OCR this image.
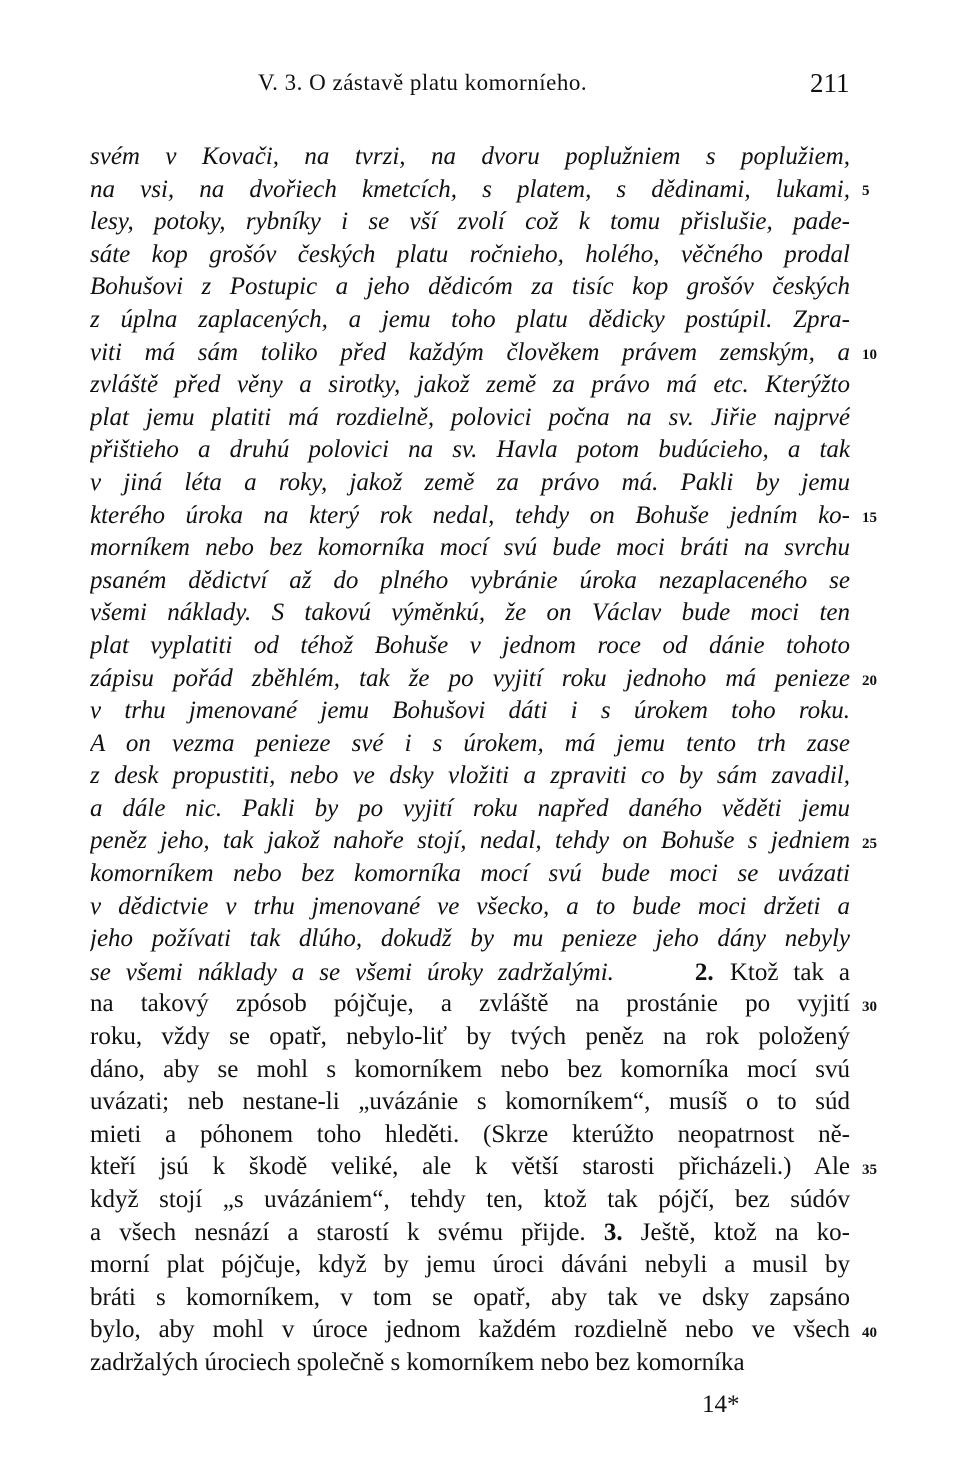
V. 3. O zástavě platu komorníeho.	211
svém v Kovači, na tvrzi, na dvoru poplužniem s poplužiem,
na vsi, na dvořiech kmetcích, s platem, s dědinami, lukami,
lesy, potoky, rybníky i se vší zvolí což k tomu přislušie, pade-
sáte kop grošóv českých platu ročnieho, holého, věčného prodal
Bohušovi z Postupic a jeho dědicóm za tisíc kop grošóv českých
z úplna zaplacených, a jemu toho platu dědicky postúpil. Zpra-
viti má sám toliko před každým člověkem právem zemským, a
zvláště před věny a sirotky, jakož země za právo má etc. Kterýžto
plat jemu platiti má rozdielně, polovici počna na sv. Jiřie najprvé
přištieho a druhú polovici na sv. Havla potom budúcieho, a tak
v jiná léta a roky, jakož země za právo má. Pakli by jemu
kterého úroka na který rok nedal, tehdy on Bohuše jedním ko-
morníkem nebo bez komorníka mocí svú bude moci bráti na svrchu
psaném dědictví až do plného vybránie úroka nezaplaceného se
všemi náklady. S takovú výměnkú, že on Václav bude moci ten
plat vyplatiti od téhož Bohuše v jednom roce od dánie tohoto
zápisu pořád zběhlém, tak že po vyjití roku jednoho má penieze
v trhu jmenované jemu Bohušovi dáti i s úrokem toho roku.
A on vezma penieze své i s úrokem, má jemu tento trh zase
z desk propustiti, nebo ve dsky vložiti a zpraviti co by sám zavadil,
a dále nic. Pakli by po vyjití roku napřed daného věděti jemu
peněz jeho, tak jakož nahoře stojí, nedal, tehdy on Bohuše s jedniem
komorníkem nebo bez komorníka mocí svú bude moci se uvázati
v dědictvie v trhu jmenované ve všecko, a to bude moci držeti a
jeho požívati tak dlúho, dokudž by mu penieze jeho dány nebyly
se všemi náklady a se všemi úroky zadržalými.	2. Ktož tak a
na takový zpósob pójčuje, a zvláště na prostánie po vyjití
roku, vždy se opatř, nebylo-liť by tvých peněz na rok položený
dáno, aby se mohl s komorníkem nebo bez komorníka mocí svú
uvázati; neb nestane-li „uvázánie s komorníkem“, musíš o to súd
mieti a póhonem toho hleděti. (Skrze kterúžto neopatrnost ně-
kteří jsú k škodě veliké, ale k větší starosti přicházeli.) Ale
když stojí „s uvázániem“, tehdy ten, ktož tak pójčí, bez súdóv
a všech nesnází a starostí k svému přijde. 3. Ještě, ktož na ko-
morní plat pójčuje, když by jemu úroci dáváni nebyli a musil by
bráti s komorníkem, v tom se opatř, aby tak ve dsky zapsáno
bylo, aby mohl v úroce jednom každém rozdielně nebo ve všech
zadržalých úrociech společně s komorníkem nebo bez komorníka
5
10
15
20
25
30
35
40
14*
